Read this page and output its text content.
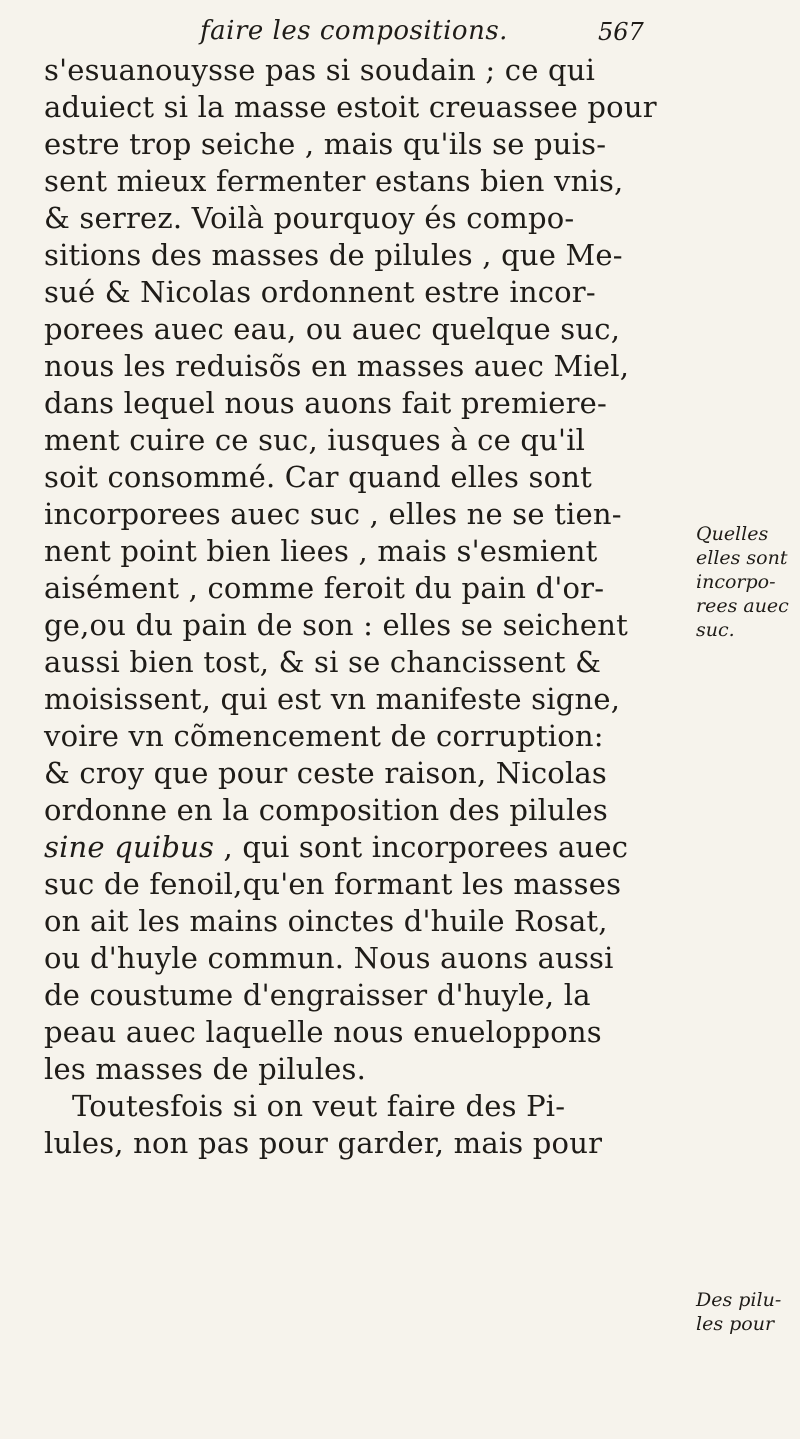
faire les compositions.	567
s'esuanouysse pas si soudain ; ce qui
aduiect si la masse estoit creuassee pour
estre trop seiche , mais qu'ils se puis-
sent mieux fermenter estans bien vnis,
& serrez. Voilà pourquoy és compo-
sitions des masses de pilules , que Me-
sué & Nicolas ordonnent estre incor-
porees auec eau, ou auec quelque suc,
nous les reduisõs en masses auec Miel,
dans lequel nous auons fait premiere-
ment cuire ce suc, iusques à ce qu'il
soit consommé. Car quand elles sont
incorporees auec suc , elles ne se tien-
nent point bien liees , mais s'esmient
aisément , comme feroit du pain d'or-
ge,ou du pain de son : elles se seichent
aussi bien tost, & si se chancissent &
moisissent, qui est vn manifeste signe,
voire vn cõmencement de corruption:
& croy que pour ceste raison, Nicolas
ordonne en la composition des pilules
sine quibus , qui sont incorporees auec
suc de fenoil,qu'en formant les masses
on ait les mains oinctes d'huile Rosat,
ou d'huyle commun. Nous auons aussi
de coustume d'engraisser d'huyle, la
peau auec laquelle nous enueloppons
les masses de pilules.
Toutesfois si on veut faire des Pi-
lules, non pas pour garder, mais pour
Quelles
elles sont
incorpo-
rees auec
suc.
Des pilu-
les pour
